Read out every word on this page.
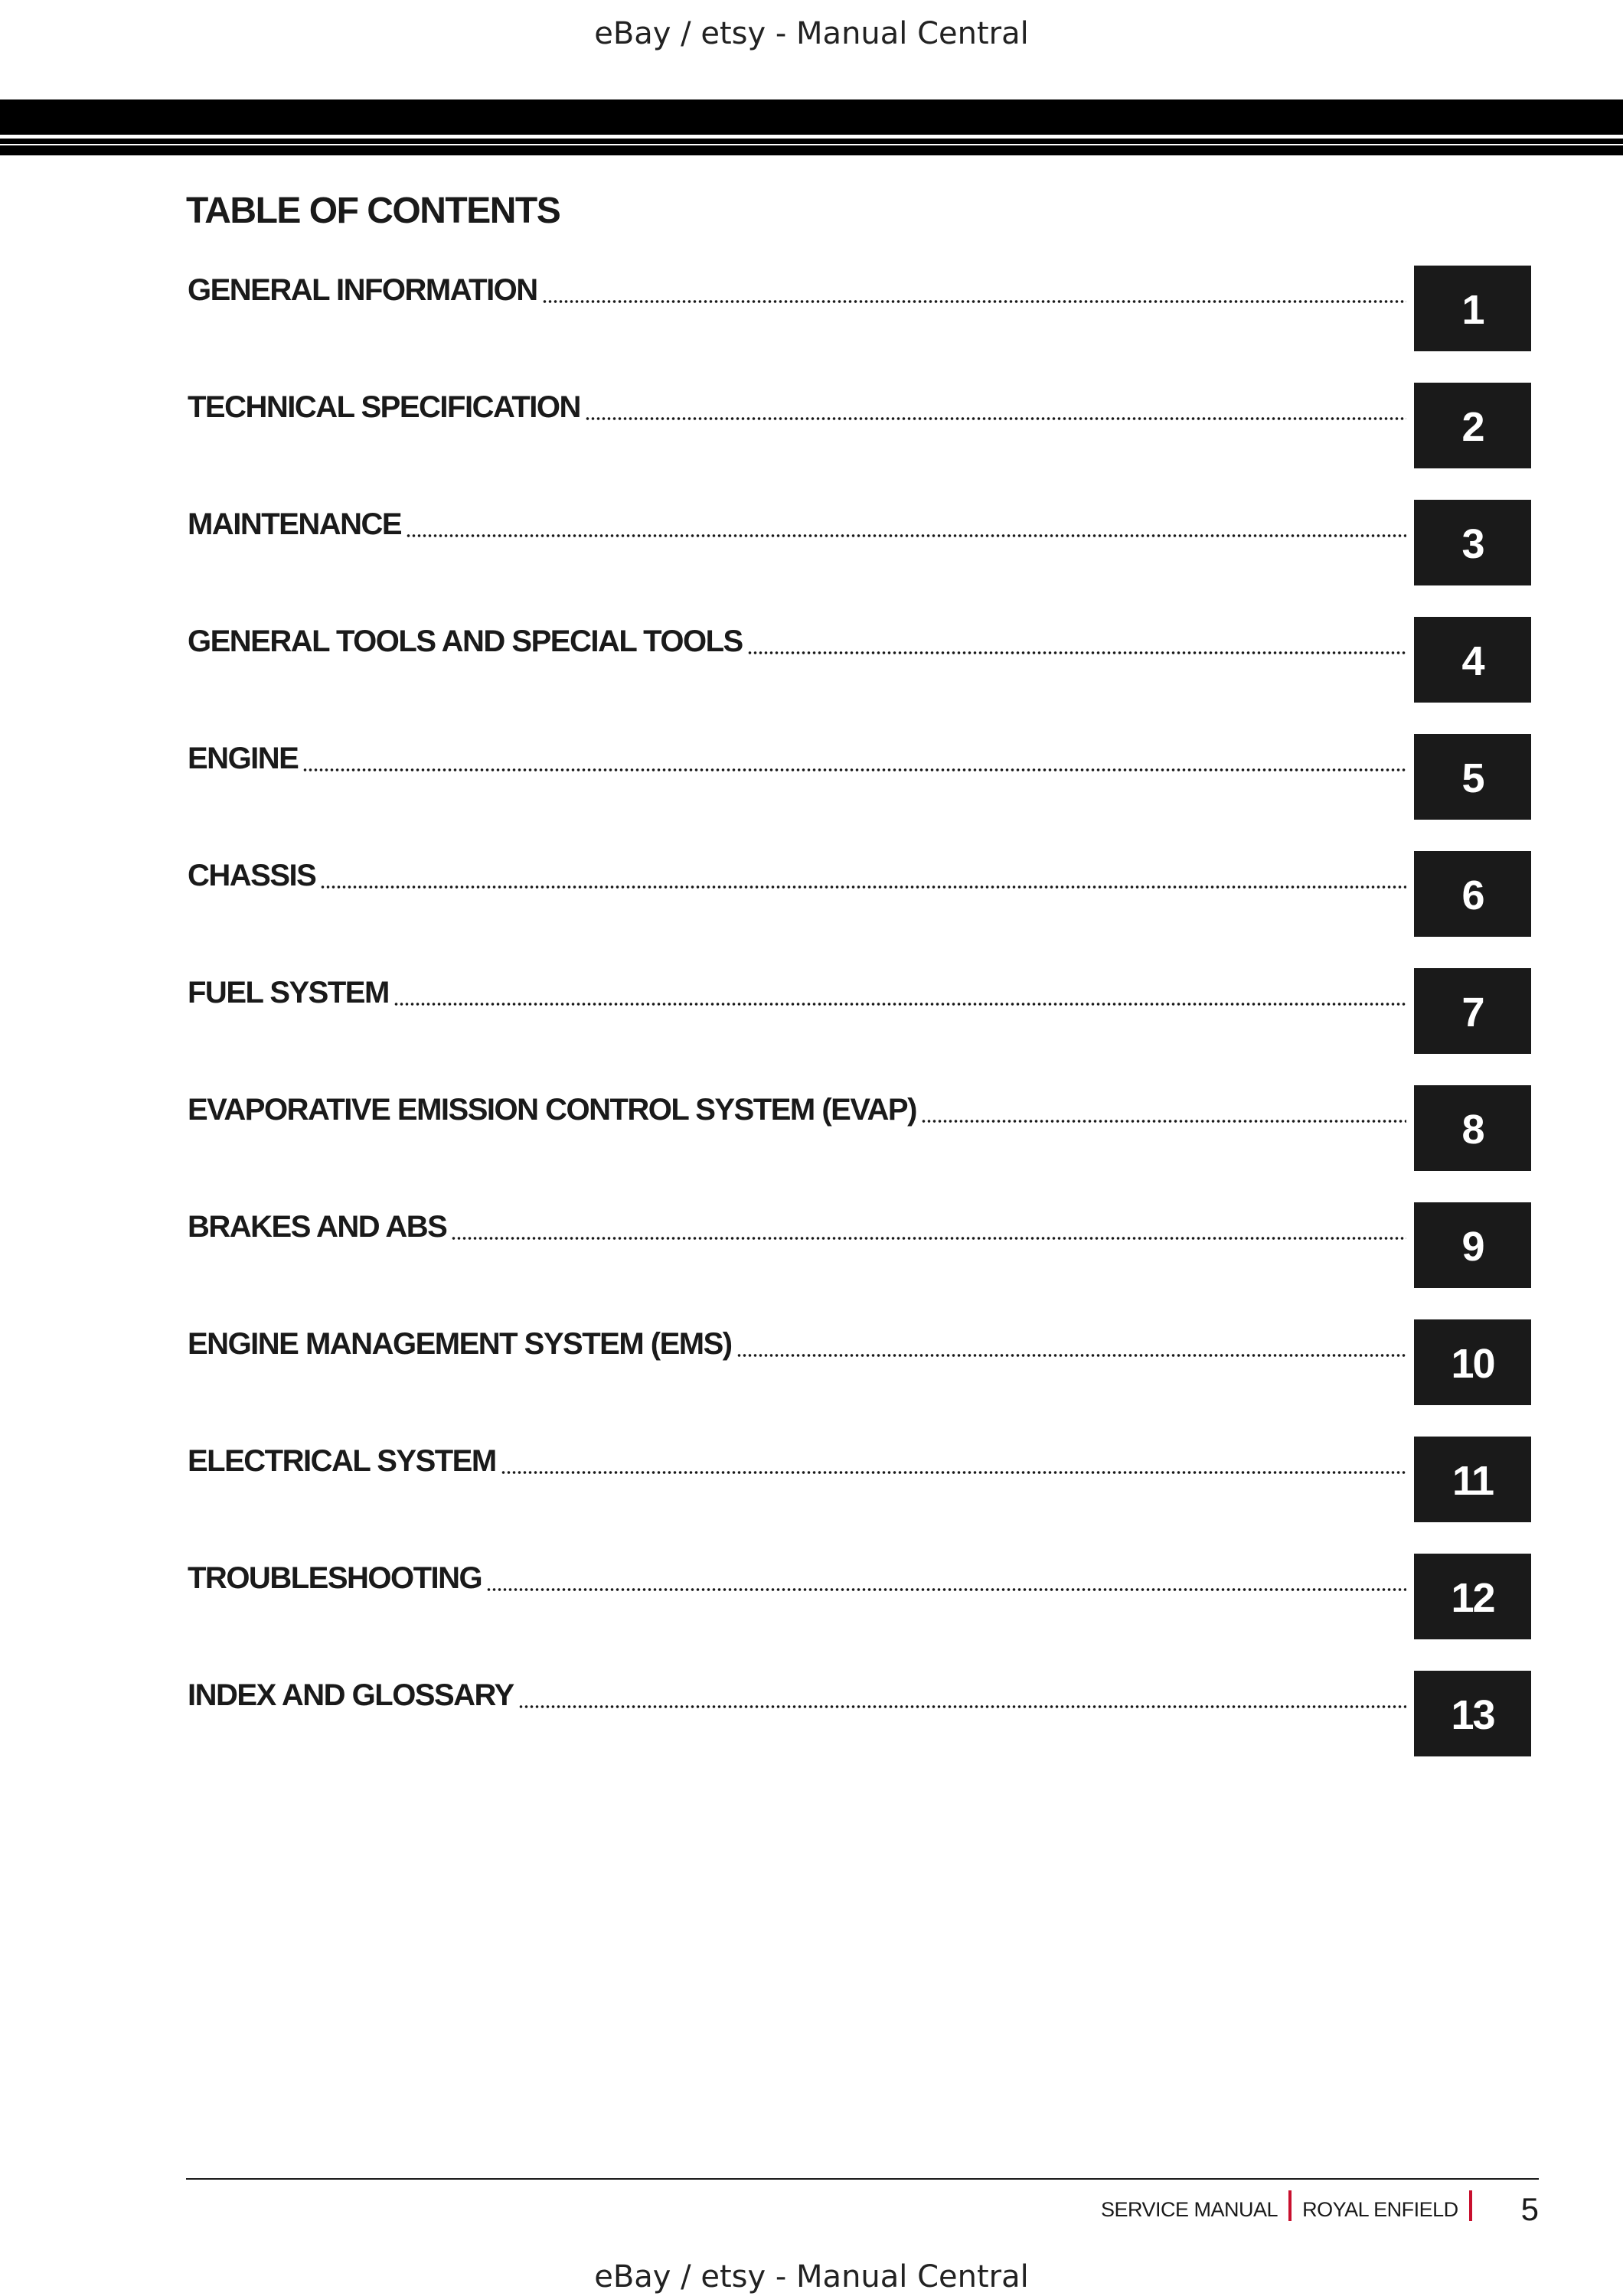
eBay / etsy - Manual Central
TABLE OF CONTENTS
GENERAL INFORMATION	1
TECHNICAL SPECIFICATION	2
MAINTENANCE	3
GENERAL TOOLS AND SPECIAL TOOLS	4
ENGINE	5
CHASSIS	6
FUEL SYSTEM	7
EVAPORATIVE EMISSION CONTROL SYSTEM (EVAP)	8
BRAKES AND ABS	9
ENGINE MANAGEMENT SYSTEM (EMS)	10
ELECTRICAL SYSTEM	11
TROUBLESHOOTING	12
INDEX AND GLOSSARY	13
SERVICE MANUAL ROYAL ENFIELD 5
eBay / etsy - Manual Central
